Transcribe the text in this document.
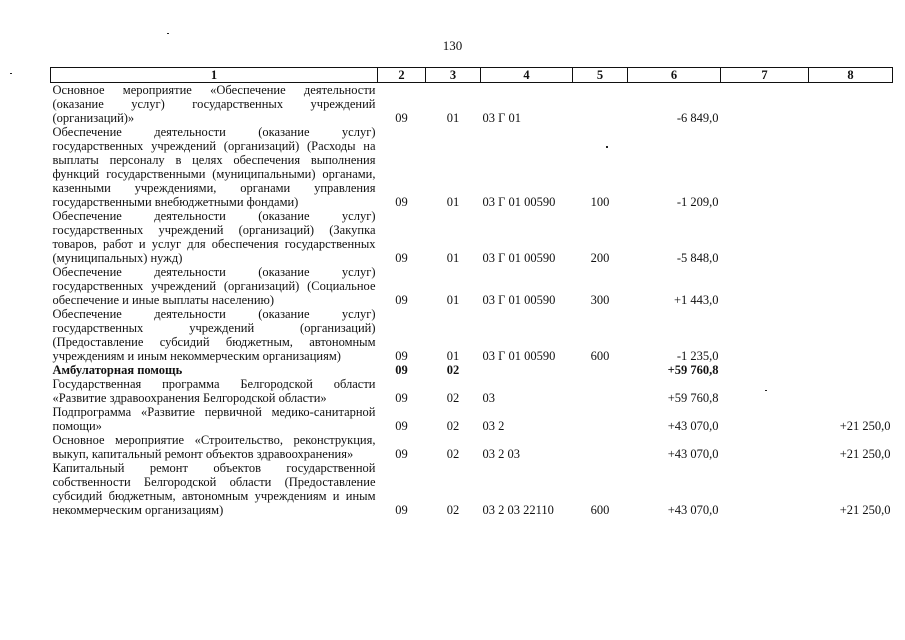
130
1	2	3	4	5	6	7	8
Основное мероприятие «Обеспечение деятельности (оказание услуг) государственных учреждений (организаций)»	09	01	03 Г 01		-6 849,0		
Обеспечение деятельности (оказание услуг) государственных учреждений (организаций) (Расходы на выплаты персоналу в целях обеспечения выполнения функций государственными (муниципальными) органами, казенными учреждениями, органами управления государственными внебюджетными фондами)	09	01	03 Г 01 00590	100	-1 209,0		
Обеспечение деятельности (оказание услуг) государственных учреждений (организаций) (Закупка товаров, работ и услуг для обеспечения государственных (муниципальных) нужд)	09	01	03 Г 01 00590	200	-5 848,0		
Обеспечение деятельности (оказание услуг) государственных учреждений (организаций) (Социальное обеспечение и иные выплаты населению)	09	01	03 Г 01 00590	300	+1 443,0		
Обеспечение деятельности (оказание услуг) государственных учреждений (организаций) (Предоставление субсидий бюджетным, автономным учреждениям и иным некоммерческим организациям)	09	01	03 Г 01 00590	600	-1 235,0		
Амбулаторная помощь	09	02			+59 760,8		
Государственная программа Белгородской области «Развитие здравоохранения Белгородской области»	09	02	03		+59 760,8		
Подпрограмма «Развитие первичной медико-санитарной помощи»	09	02	03 2		+43 070,0		+21 250,0
Основное мероприятие «Строительство, реконструкция, выкуп, капитальный ремонт объектов здравоохранения»	09	02	03 2 03		+43 070,0		+21 250,0
Капитальный ремонт объектов государственной собственности Белгородской области (Предоставление субсидий бюджетным, автономным учреждениям и иным некоммерческим организациям)	09	02	03 2 03 22110	600	+43 070,0		+21 250,0
